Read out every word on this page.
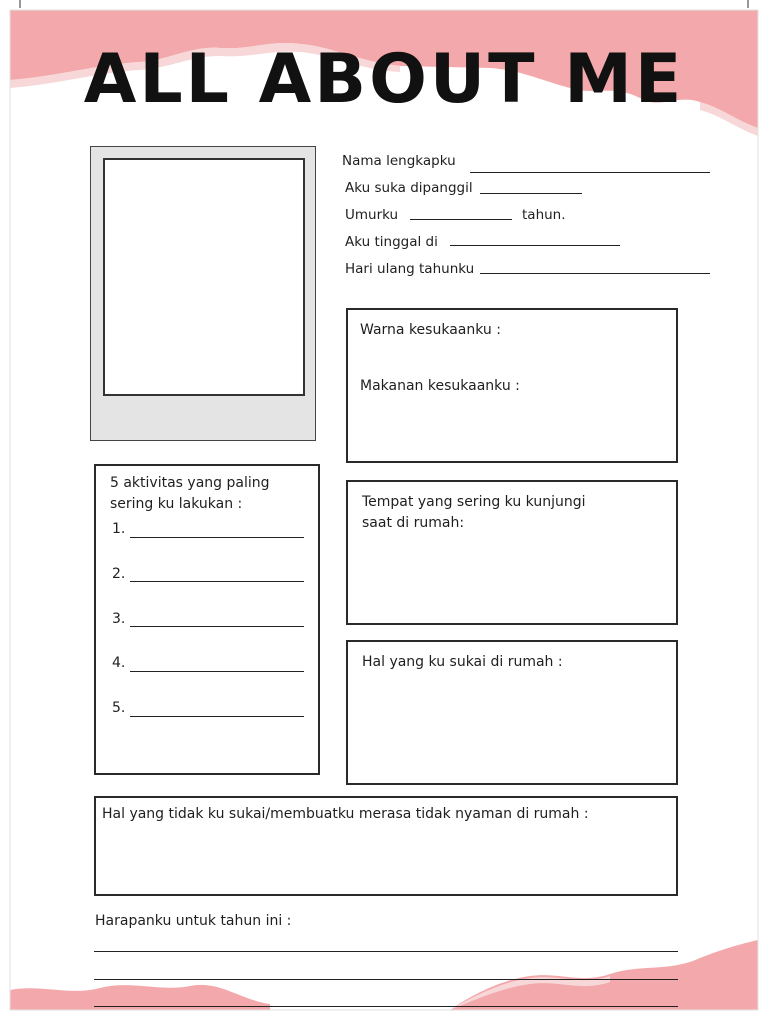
ALL ABOUT ME
Nama lengkapku
Aku suka dipanggil
Umurku	tahun.
Aku tinggal di
Hari ulang tahunku
Warna kesukaanku :
Makanan kesukaanku :
5 aktivitas yang paling
sering ku lakukan :
1.
2.
3.
4.
5.
Tempat yang sering ku kunjungi
saat di rumah:
Hal yang ku sukai di rumah :
Hal yang tidak ku sukai/membuatku merasa tidak nyaman di rumah :
Harapanku untuk tahun ini :
